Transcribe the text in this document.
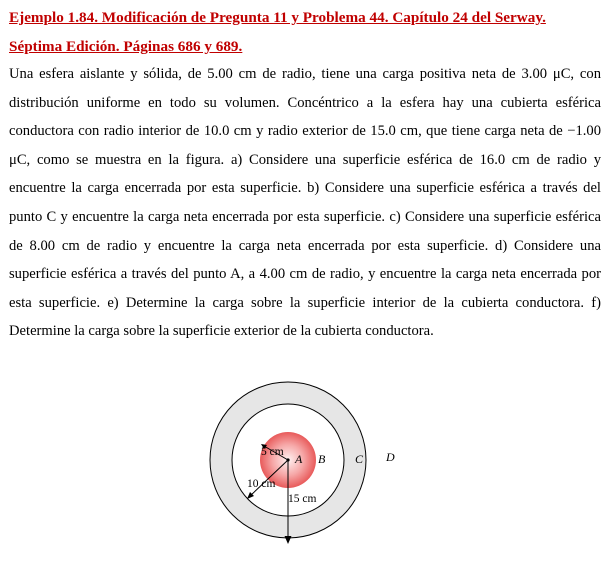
Ejemplo 1.84. Modificación de Pregunta 11 y Problema 44. Capítulo 24 del Serway.
Séptima Edición. Páginas 686 y 689.

Una esfera aislante y sólida, de 5.00 cm de radio, tiene una carga positiva neta de 3.00 μC, con distribución uniforme en todo su volumen. Concéntrico a la esfera hay una cubierta esférica conductora con radio interior de 10.0 cm y radio exterior de 15.0 cm, que tiene carga neta de −1.00 μC, como se muestra en la figura. a) Considere una superficie esférica de 16.0 cm de radio y encuentre la carga encerrada por esta superficie. b) Considere una superficie esférica a través del punto C y encuentre la carga neta encerrada por esta superficie. c) Considere una superficie esférica de 8.00 cm de radio y encuentre la carga neta encerrada por esta superficie. d) Considere una superficie esférica a través del punto A, a 4.00 cm de radio, y encuentre la carga neta encerrada por esta superficie. e) Determine la carga sobre la superficie interior de la cubierta conductora. f) Determine la carga sobre la superficie exterior de la cubierta conductora.

5 cm A B C
10 cm
15 cm
D
